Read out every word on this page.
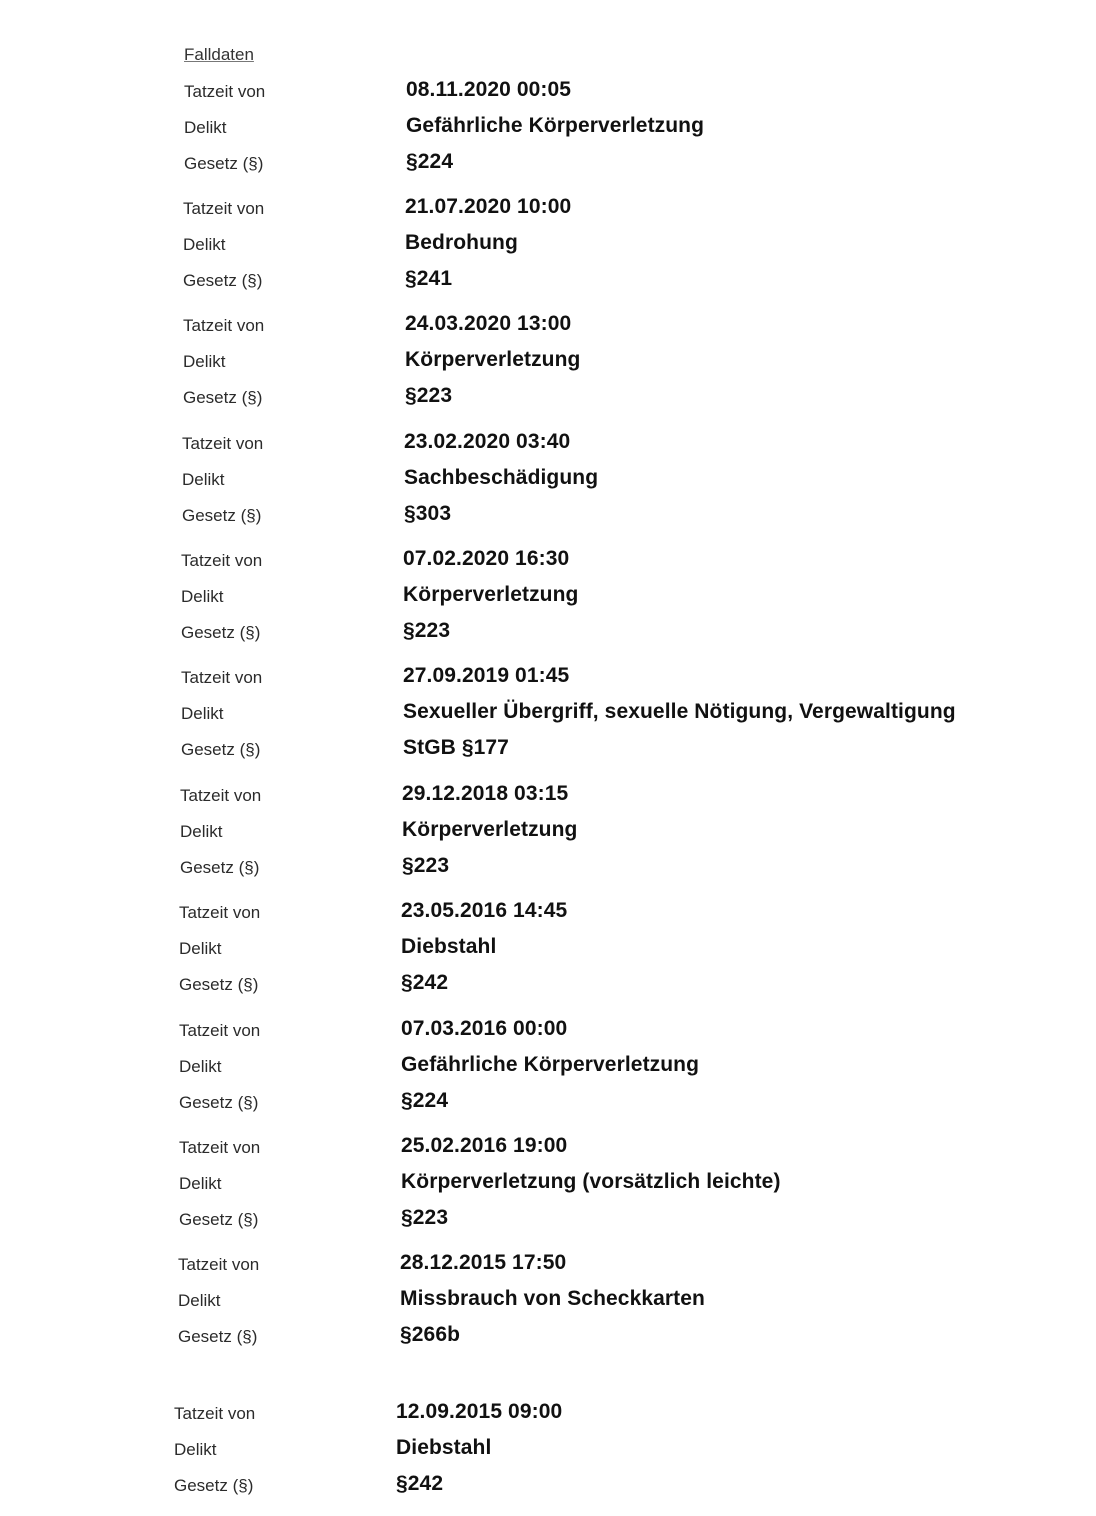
Falldaten
Tatzeit von	08.11.2020 00:05
Delikt	Gefährliche Körperverletzung
Gesetz (§)	§224
Tatzeit von	21.07.2020 10:00
Delikt	Bedrohung
Gesetz (§)	§241
Tatzeit von	24.03.2020 13:00
Delikt	Körperverletzung
Gesetz (§)	§223
Tatzeit von	23.02.2020 03:40
Delikt	Sachbeschädigung
Gesetz (§)	§303
Tatzeit von	07.02.2020 16:30
Delikt	Körperverletzung
Gesetz (§)	§223
Tatzeit von	27.09.2019 01:45
Delikt	Sexueller Übergriff, sexuelle Nötigung, Vergewaltigung
Gesetz (§)	StGB §177
Tatzeit von	29.12.2018 03:15
Delikt	Körperverletzung
Gesetz (§)	§223
Tatzeit von	23.05.2016 14:45
Delikt	Diebstahl
Gesetz (§)	§242
Tatzeit von	07.03.2016 00:00
Delikt	Gefährliche Körperverletzung
Gesetz (§)	§224
Tatzeit von	25.02.2016 19:00
Delikt	Körperverletzung (vorsätzlich leichte)
Gesetz (§)	§223
Tatzeit von	28.12.2015 17:50
Delikt	Missbrauch von Scheckkarten
Gesetz (§)	§266b
Tatzeit von	12.09.2015 09:00
Delikt	Diebstahl
Gesetz (§)	§242
